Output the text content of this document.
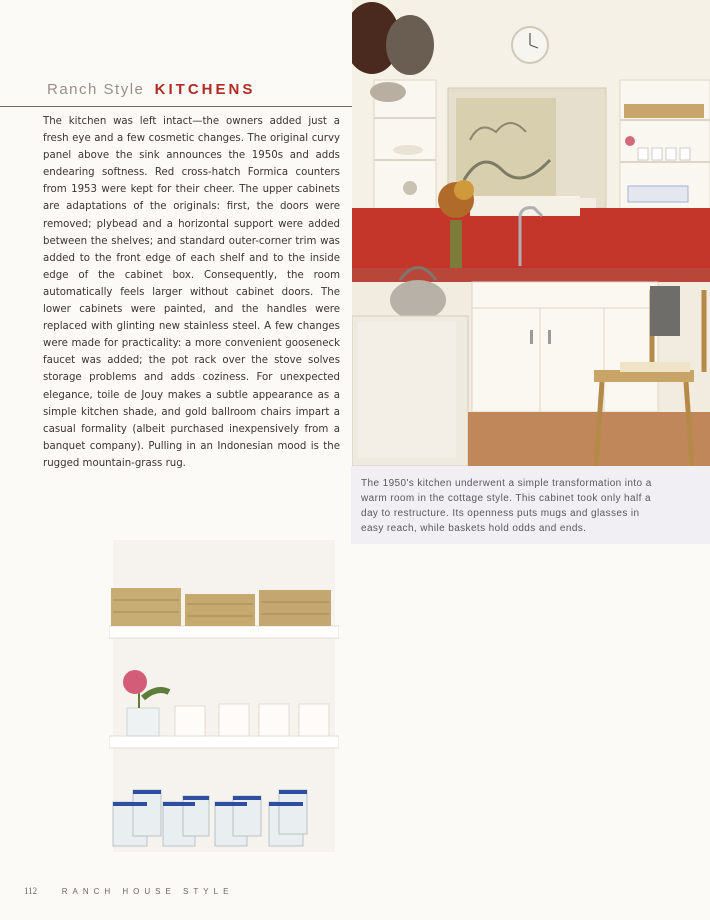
Ranch Style KITCHENS

The kitchen was left intact—the owners added just a fresh eye and a few cosmetic changes. The original curvy panel above the sink announces the 1950s and adds endearing softness. Red cross-hatch Formica counters from 1953 were kept for their cheer. The upper cabinets are adaptations of the originals: first, the doors were removed; plybead and a horizontal support were added between the shelves; and standard outer-corner trim was added to the front edge of each shelf and to the inside edge of the cabinet box. Consequently, the room automatically feels larger without cabinet doors. The lower cabinets were painted, and the handles were replaced with glinting new stainless steel. A few changes were made for practicality: a more convenient gooseneck faucet was added; the pot rack over the stove solves storage problems and adds coziness. For unexpected elegance, toile de Jouy makes a subtle appearance as a simple kitchen shade, and gold ballroom chairs impart a casual formality (albeit purchased inexpensively from a banquet company). Pulling in an Indonesian mood is the rugged mountain-grass rug.

The 1950's kitchen underwent a simple transformation into a warm room in the cottage style. This cabinet took only half a day to restructure. Its openness puts mugs and glasses in easy reach, while baskets hold odds and ends.

112	RANCH HOUSE STYLE
